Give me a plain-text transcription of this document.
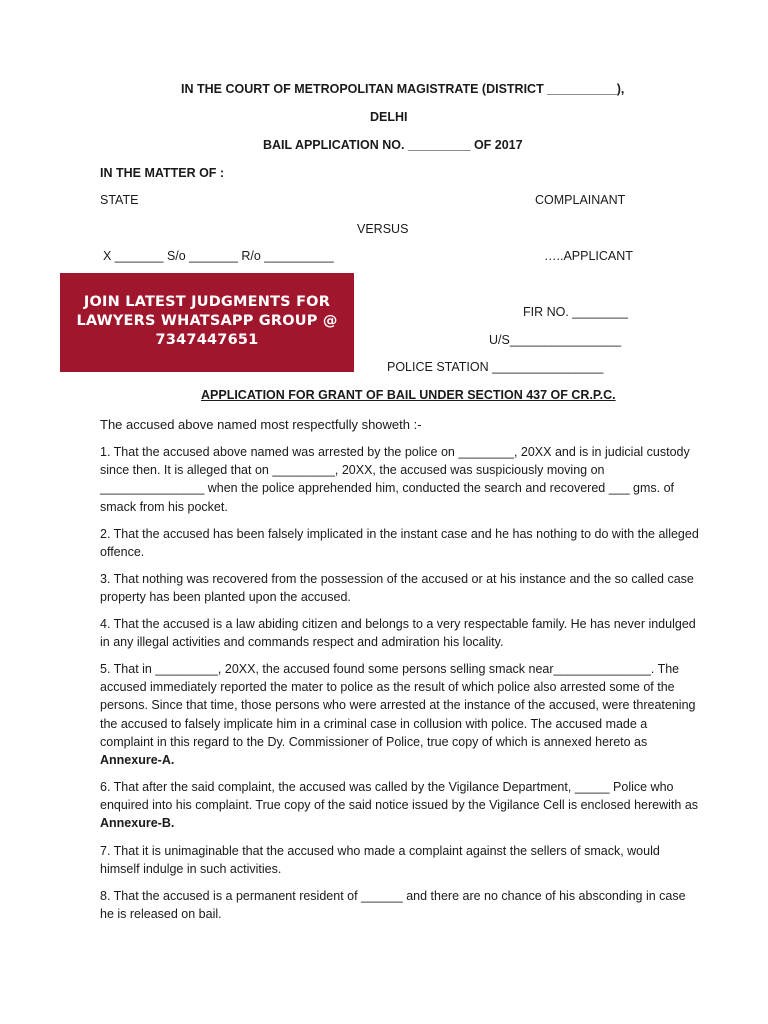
IN THE COURT OF METROPOLITAN MAGISTRATE (DISTRICT __________),
DELHI
BAIL APPLICATION NO. _________ OF 2017
IN THE MATTER OF :
STATE	COMPLAINANT
VERSUS
X _______ S/o _______ R/o __________	…..APPLICANT
JOIN LATEST JUDGMENTS FOR
LAWYERS WHATSAPP GROUP @
7347447651
FIR NO. ________
U/S________________
POLICE STATION ________________
APPLICATION FOR GRANT OF BAIL UNDER SECTION 437 OF CR.P.C.
The accused above named most respectfully showeth :-
1. That the accused above named was arrested by the police on ________, 20XX and is in judicial custody since then. It is alleged that on _________, 20XX, the accused was suspiciously moving on _______________ when the police apprehended him, conducted the search and recovered ___ gms. of smack from his pocket.
2. That the accused has been falsely implicated in the instant case and he has nothing to do with the alleged offence.
3. That nothing was recovered from the possession of the accused or at his instance and the so called case property has been planted upon the accused.
4. That the accused is a law abiding citizen and belongs to a very respectable family. He has never indulged in any illegal activities and commands respect and admiration his locality.
5. That in _________, 20XX, the accused found some persons selling smack near______________. The accused immediately reported the mater to police as the result of which police also arrested some of the persons. Since that time, those persons who were arrested at the instance of the accused, were threatening the accused to falsely implicate him in a criminal case in collusion with police. The accused made a complaint in this regard to the Dy. Commissioner of Police, true copy of which is annexed hereto as Annexure-A.
6. That after the said complaint, the accused was called by the Vigilance Department, _____ Police who enquired into his complaint. True copy of the said notice issued by the Vigilance Cell is enclosed herewith as Annexure-B.
7. That it is unimaginable that the accused who made a complaint against the sellers of smack, would himself indulge in such activities.
8. That the accused is a permanent resident of ______ and there are no chance of his absconding in case he is released on bail.
